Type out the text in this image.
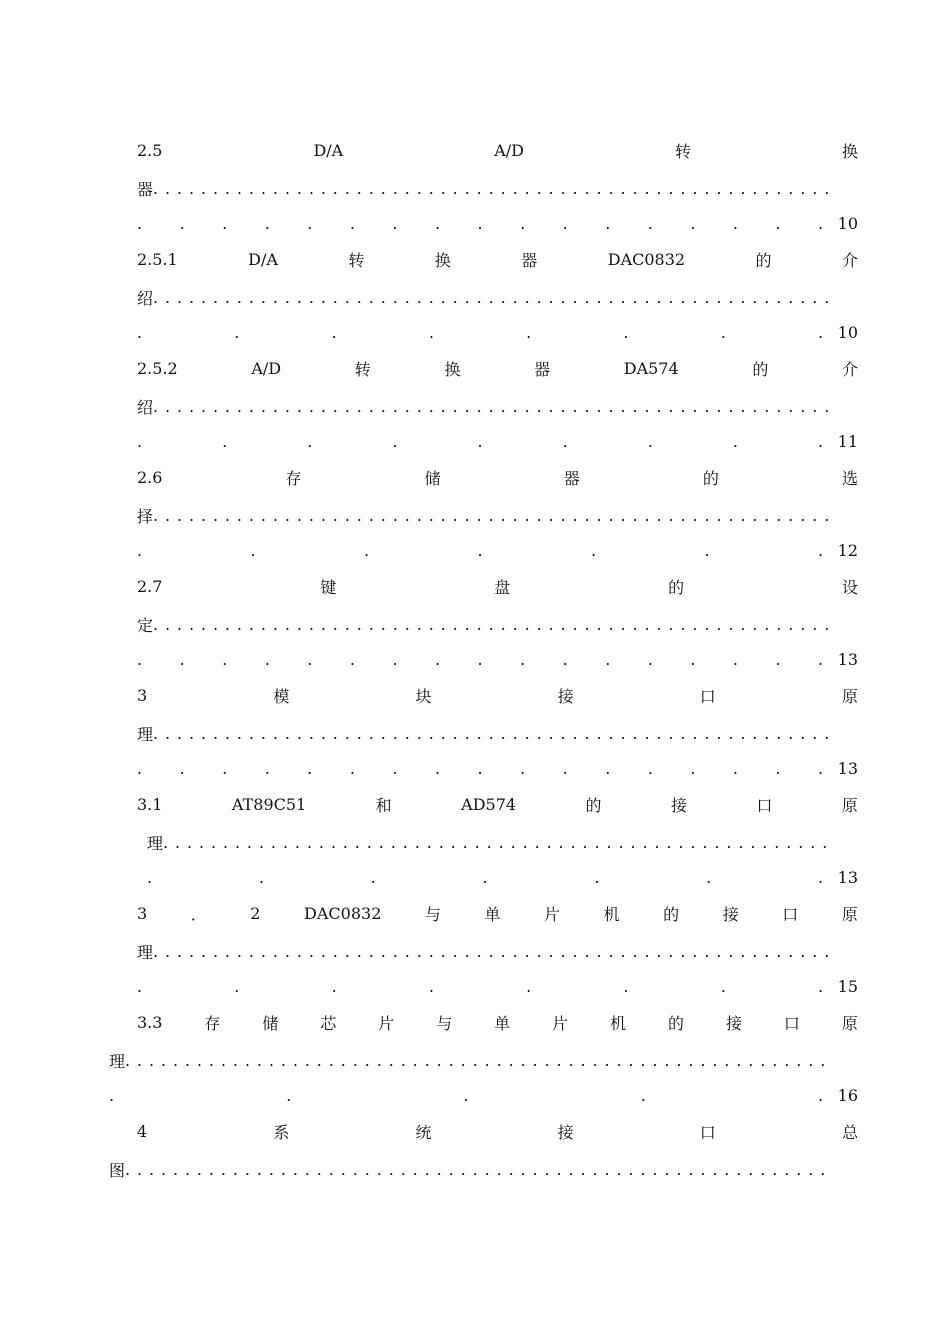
2.5	D/A	A/D	转	换
器 .........................................................
. . . . . . . . . . . . . . . . . 10
2.5.1	D/A	转	换	器	DAC0832	的	介
绍 .........................................................
.	.	.	.	.	.	.	. 10
2.5.2	A/D	转	换	器	DA574	的	介
绍 .........................................................
.	.	.	.	.	.	.	.	. 11
2.6	存	储	器	的	选
择 .........................................................
.	.	.	.	.	.	. 12
2.7	键	盘	的	设
定 .........................................................
. . . . . . . . . . . . . . . . . 13
3	模	块	接	口	原
理 .........................................................
. . . . . . . . . . . . . . . . . 13
3.1	AT89C51	和	AD574	的	接	口	原
理 ........................................................
.	.	.	.	.	.	. 13
3	．	2	DAC0832	与	单	片	机	的	接	口	原
理 .........................................................
.	.	.	.	.	.	.	. 15
3.3	存	储	芯	片	与	单	片	机	的	接	口	原
理 ...........................................................
.	.	.	.	. 16
4	系	统	接	口	总
图 ...........................................................
